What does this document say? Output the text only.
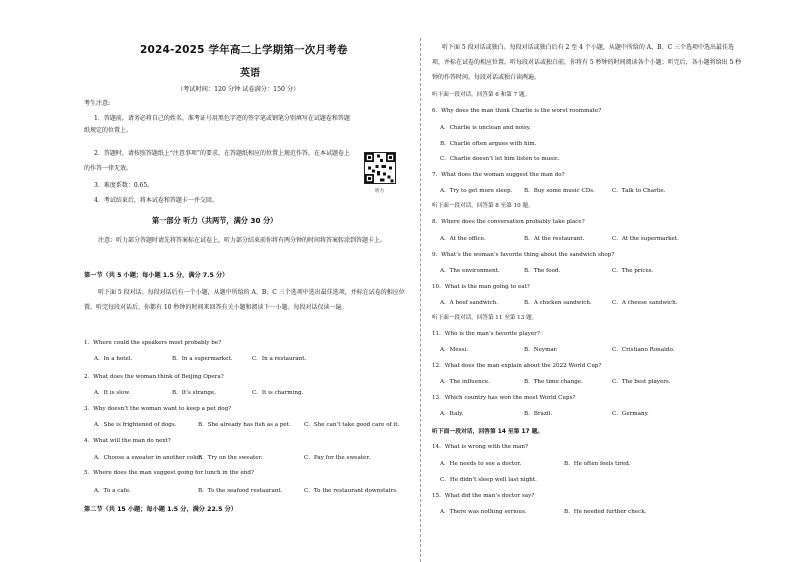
2024-2025 学年高二上学期第一次月考卷
英语
（考试时间：120 分钟 试卷满分：150 分）
考生注意:
1．答题前，请务必将自己的姓名、准考证号用黑色字迹的签字笔或钢笔分别填写在试题卷和答题纸规定的位置上。
2．答题时，请按照答题纸上“注意事项”的要求，在答题纸相应的位置上规范作答，在本试题卷上的作答一律无效。
3．难度系数：0.65。
4．考试结束后，将本试卷和答题卡一并交回。
听力
第一部分 听力（共两节，满分 30 分）
注意：听力部分答题时请先将答案标在试卷上，听力部分结束前你将有两分钟的时间将答案转涂到答题卡上。
第一节（共 5 小题；每小题 1.5 分，满分 7.5 分）
听下面 5 段对话。每段对话后有一个小题，从题中所给的 A、B、C 三个选项中选出最佳选项，并标在试卷的相应位置。听完每段对话后，你都有 10 秒钟的时间来回答有关小题和阅读下一小题。每段对话仅读一遍。
1．Where could the speakers most probably be?
A．In a hotel.	B．In a supermarket.	C．In a restaurant.
2．What does the woman think of Beijing Opera?
A．It is slow.	B．It’s strange.	C．It is charming.
3．Why doesn’t the woman want to keep a pet dog?
A．She is frightened of dogs.	B．She already has fish as a pet. C．She can’t take good care of it.
4．What will the man do next?
A．Choose a sweater in another color.
B．Try on the sweater.	C．Pay for the sweater.
5．Where does the man suggest going for lunch in the end?
A．To a cafe.	B．To the seafood restaurant.	C．To the restaurant downstairs.
第二节（共 15 小题；每小题 1.5 分，满分 22.5 分）
听下面 5 段对话或独白。每段对话或独白后有 2 至 4 个小题，从题中所给的 A、B、C 三个选项中选出最佳选项，并标在试卷的相应位置。听每段对话或独白前，你将有 5 秒钟的时间阅读各个小题；听完后，各小题将给出 5 秒钟的作答时间。每段对话或独白读两遍。
听下面一段对话，回答第 6 和第 7 题。
6．Why does the man think Charlie is the worst roommate?
A．Charlie is unclean and noisy.
B．Charlie often argues with him.
C．Charlie doesn’t let him listen to music.
7．What does the woman suggest the man do?
A．Try to get more sleep. B．Buy some music CDs.	C．Talk to Charlie.
听下面一段对话，回答第 8 至第 10 题。
8．Where does the conversation probably take place?
A．At the office.	B．At the restaurant.	C．At the supermarket.
9．What’s the woman’s favorite thing about the sandwich shop?
A．The environment.	B．The food.	C．The prices.
10．What is the man going to eat?
A．A beef sandwich.	B．A chicken sandwich.	C．A cheese sandwich.
听下面一段对话，回答第 11 至第 13 题。
11．Who is the man’s favorite player?
A．Messi.	B．Neymar.	C．Cristiano Ronaldo.
12．What does the man explain about the 2022 World Cup?
A．The influence.	B．The time change.	C．The best players.
13．Which country has won the most World Cups?
A．Italy.	B．Brazil.	C．Germany.
听下面一段对话，回答第 14 至第 17 题。
14．What is wrong with the man?
A．He needs to see a doctor.	B．He often feels tired.
C．He didn’t sleep well last night.
15．What did the man’s doctor say?
A．There was nothing serious.	B．He needed further check.
